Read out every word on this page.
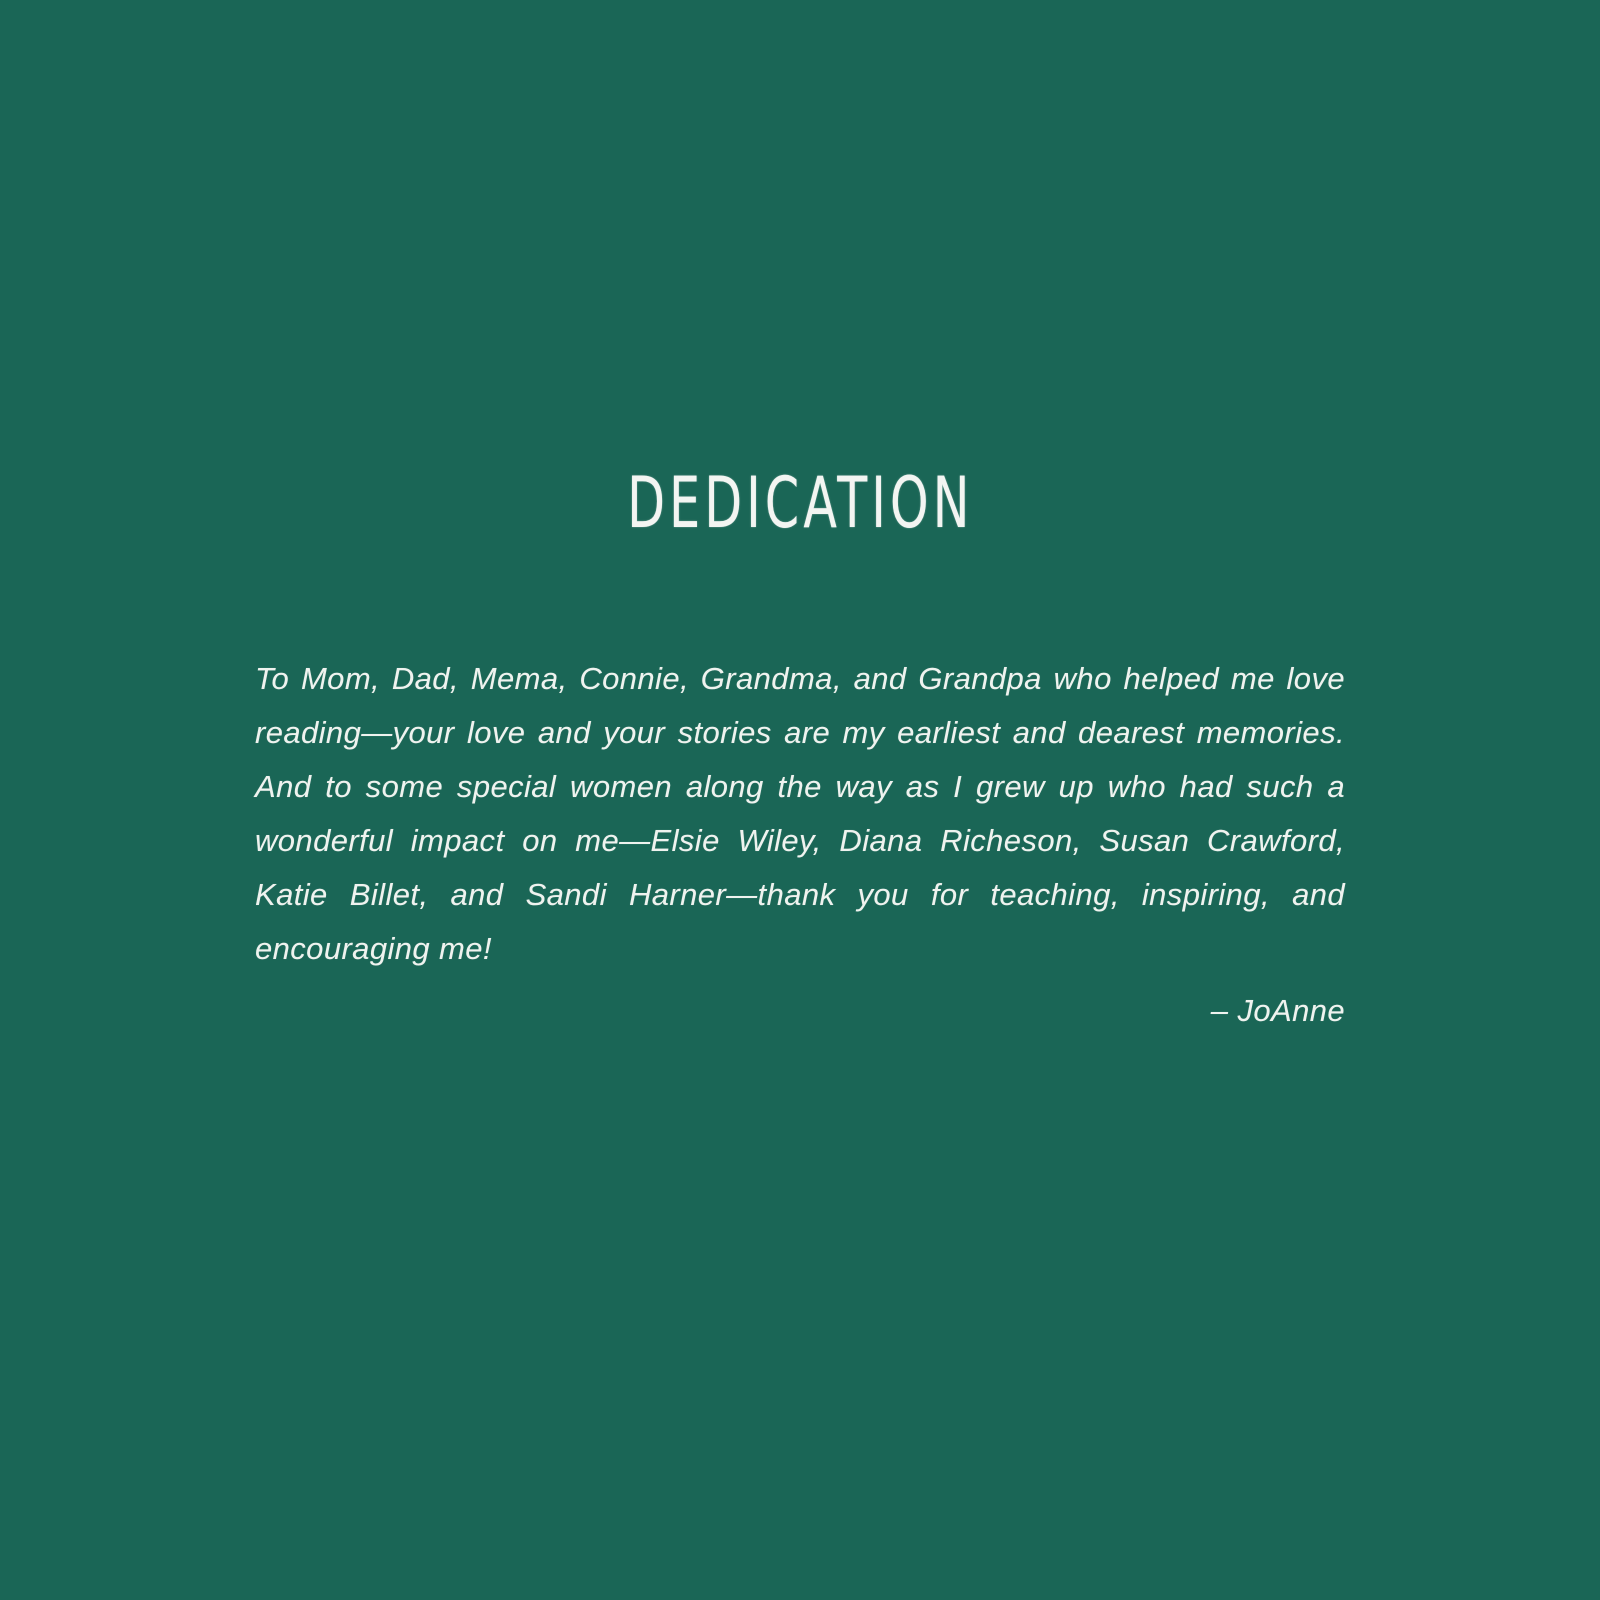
DEDICATION

To Mom, Dad, Mema, Connie, Grandma, and Grandpa who helped me love reading—your love and your stories are my earliest and dearest memories. And to some special women along the way as I grew up who had such a wonderful impact on me—Elsie Wiley, Diana Richeson, Susan Crawford, Katie Billet, and Sandi Harner—thank you for teaching, inspiring, and encouraging me!

– JoAnne
